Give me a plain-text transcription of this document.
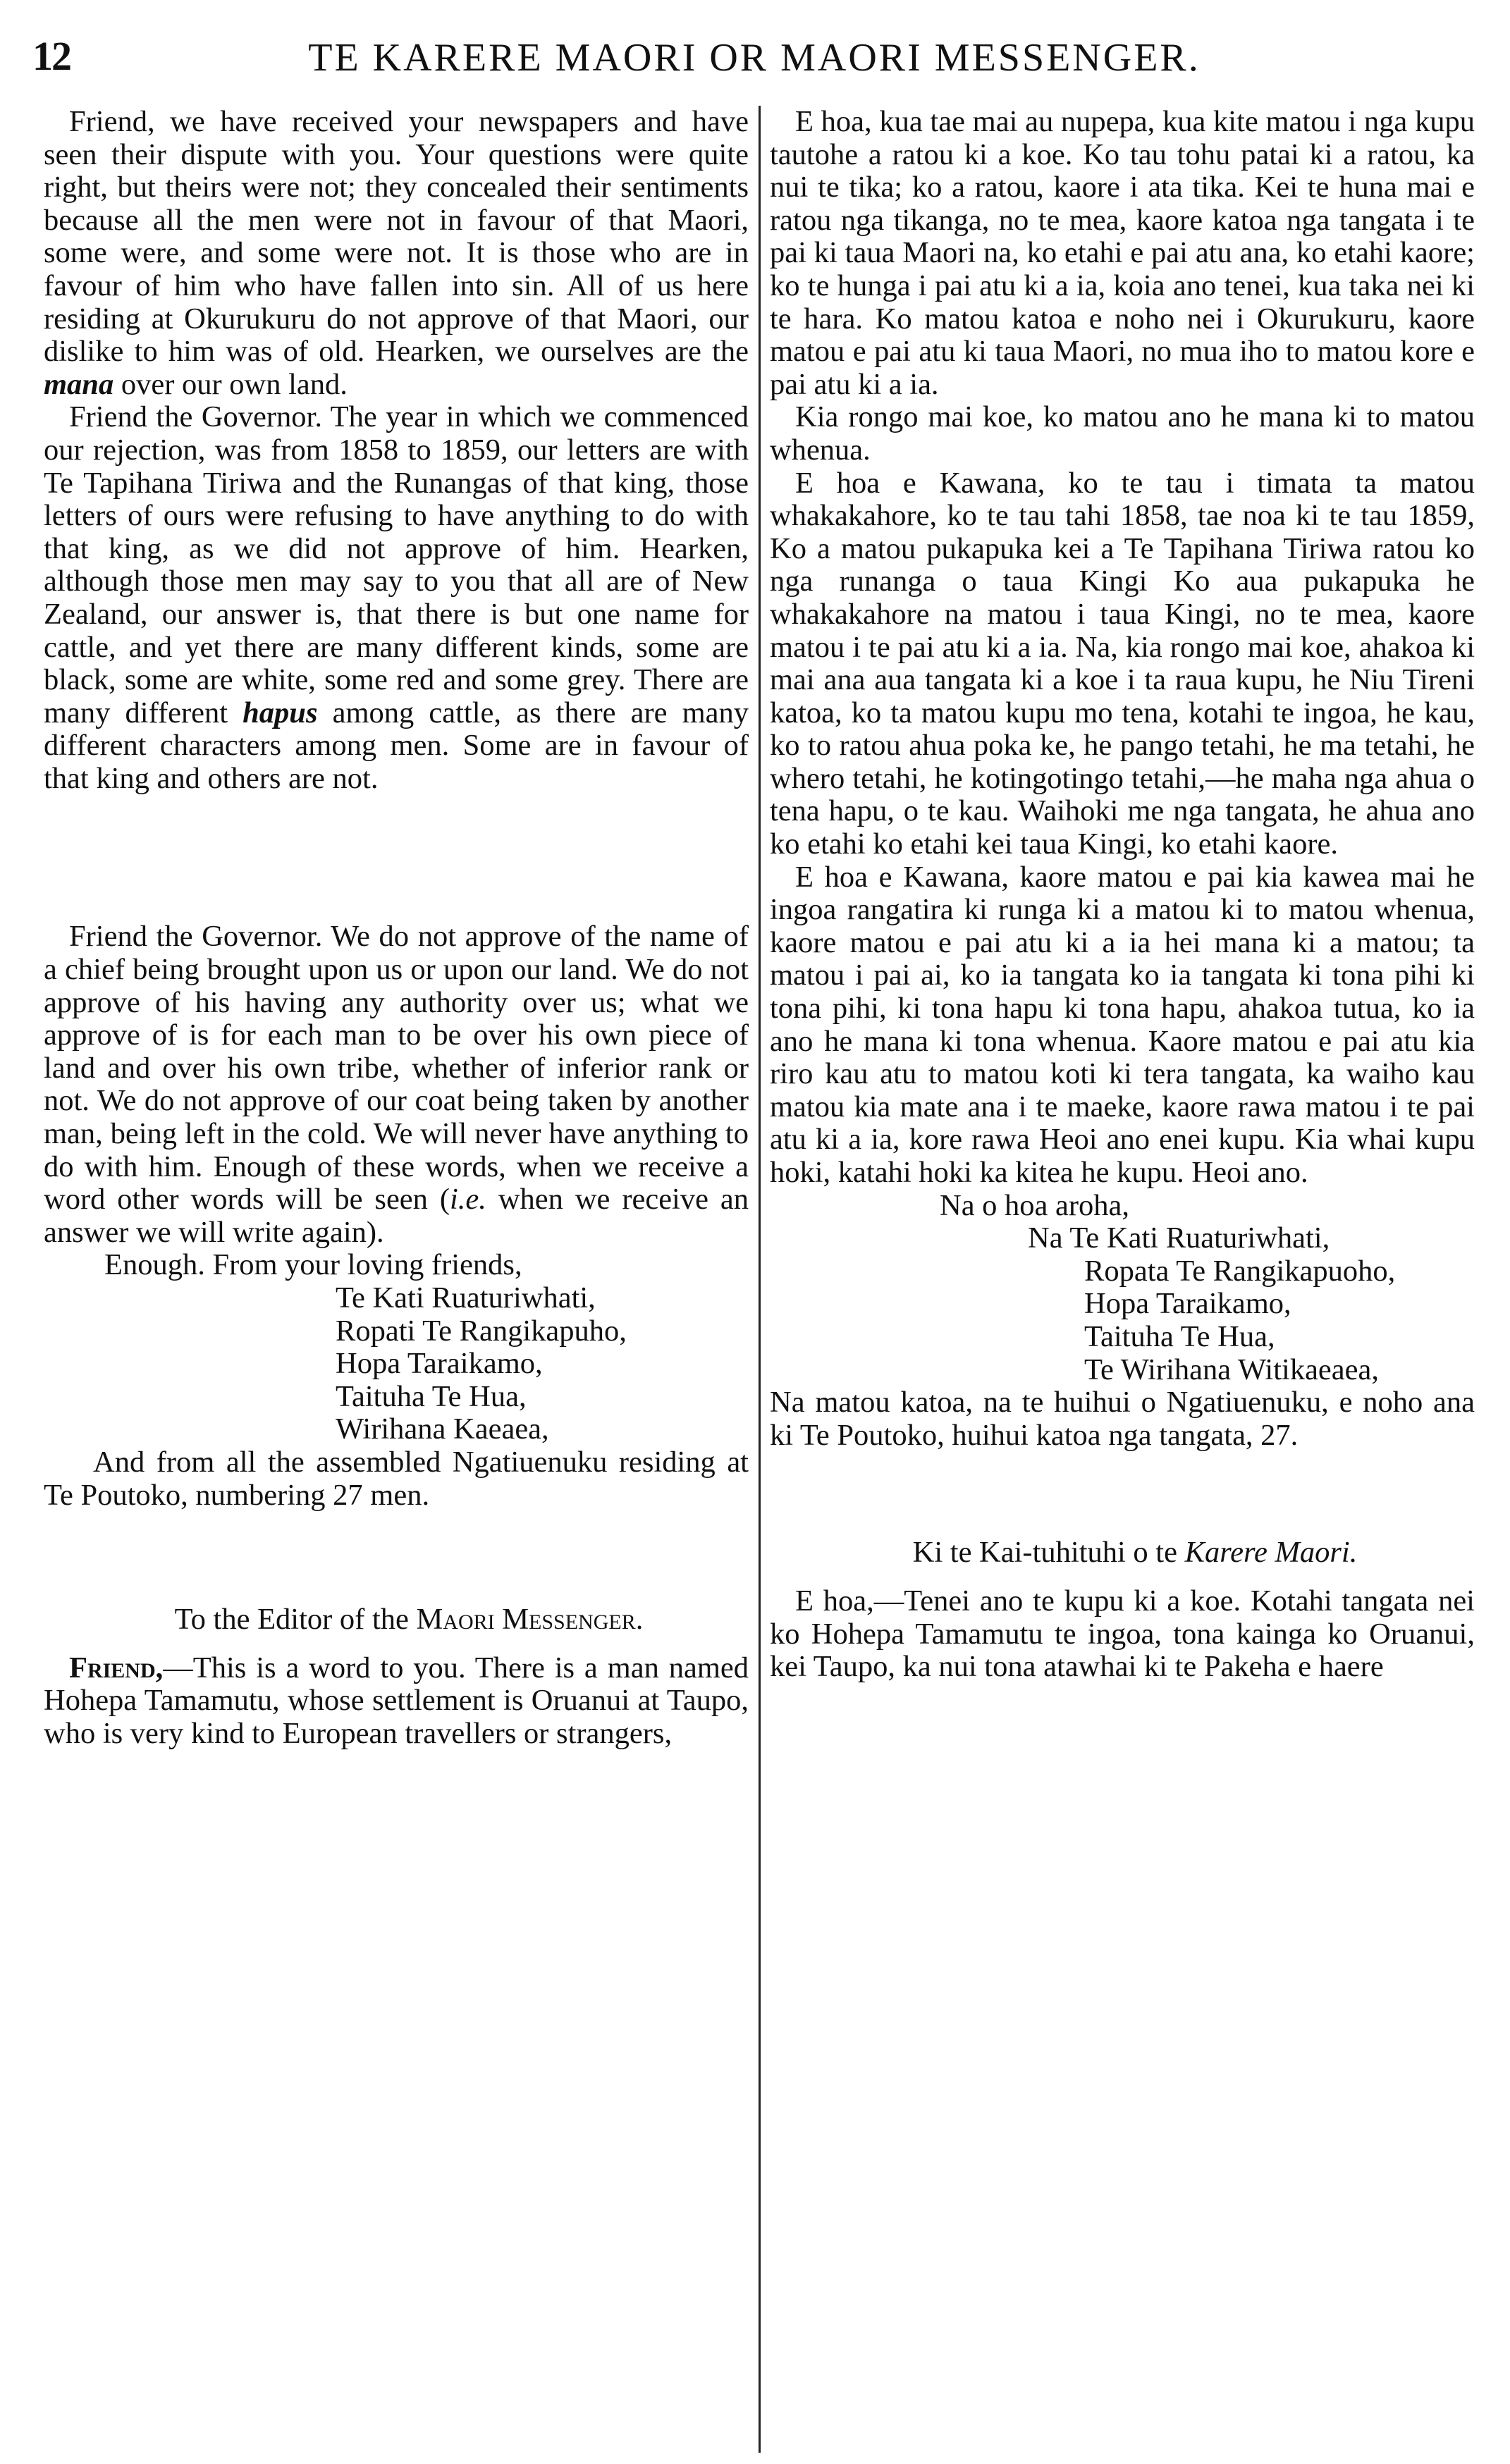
12	TE KARERE MAORI OR MAORI MESSENGER.

Friend, we have received your newspapers and have seen their dispute with you. Your questions were quite right, but theirs were not; they concealed their sentiments because all the men were not in favour of that Maori, some were, and some were not. It is those who are in favour of him who have fallen into sin. All of us here residing at Okurukuru do not approve of that Maori, our dislike to him was of old. Hearken, we ourselves are the mana over our own land.

Friend the Governor. The year in which we commenced our rejection, was from 1858 to 1859, our letters are with Te Tapihana Tiriwa and the Runangas of that king, those letters of ours were refusing to have anything to do with that king, as we did not approve of him. Hearken, although those men may say to you that all are of New Zealand, our answer is, that there is but one name for cattle, and yet there are many different kinds, some are black, some are white, some red and some grey. There are many different hapus among cattle, as there are many different characters among men. Some are in favour of that king and others are not.

Friend the Governor. We do not approve of the name of a chief being brought upon us or upon our land. We do not approve of his having any authority over us; what we approve of is for each man to be over his own piece of land and over his own tribe, whether of inferior rank or not. We do not approve of our coat being taken by another man, being left in the cold. We will never have anything to do with him. Enough of these words, when we receive a word other words will be seen (i.e. when we receive an answer we will write again).

Enough. From your loving friends,

Te Kati Ruaturiwhati,

Ropati Te Rangikapuho,

Hopa Taraikamo,

Taituha Te Hua,

Wirihana Kaeaea,

And from all the assembled Ngatiuenuku residing at Te Poutoko, numbering 27 men.

To the Editor of the Maori Messenger.

Friend,—This is a word to you. There is a man named Hohepa Tamamutu, whose settlement is Oruanui at Taupo, who is very kind to European travellers or strangers,

E hoa, kua tae mai au nupepa, kua kite matou i nga kupu tautohe a ratou ki a koe. Ko tau tohu patai ki a ratou, ka nui te tika; ko a ratou, kaore i ata tika. Kei te huna mai e ratou nga tikanga, no te mea, kaore katoa nga tangata i te pai ki taua Maori na, ko etahi e pai atu ana, ko etahi kaore; ko te hunga i pai atu ki a ia, koia ano tenei, kua taka nei ki te hara. Ko matou katoa e noho nei i Okurukuru, kaore matou e pai atu ki taua Maori, no mua iho to matou kore e pai atu ki a ia.

Kia rongo mai koe, ko matou ano he mana ki to matou whenua.

E hoa e Kawana, ko te tau i timata ta matou whakakahore, ko te tau tahi 1858, tae noa ki te tau 1859, Ko a matou pukapuka kei a Te Tapihana Tiriwa ratou ko nga runanga o taua Kingi Ko aua pukapuka he whakakahore na matou i taua Kingi, no te mea, kaore matou i te pai atu ki a ia. Na, kia rongo mai koe, ahakoa ki mai ana aua tangata ki a koe i ta raua kupu, he Niu Tireni katoa, ko ta matou kupu mo tena, kotahi te ingoa, he kau, ko to ratou ahua poka ke, he pango tetahi, he ma tetahi, he whero tetahi, he kotingotingo tetahi,—he maha nga ahua o tena hapu, o te kau. Waihoki me nga tangata, he ahua ano ko etahi ko etahi kei taua Kingi, ko etahi kaore.

E hoa e Kawana, kaore matou e pai kia kawea mai he ingoa rangatira ki runga ki a matou ki to matou whenua, kaore matou e pai atu ki a ia hei mana ki a matou; ta matou i pai ai, ko ia tangata ko ia tangata ki tona pihi ki tona pihi, ki tona hapu ki tona hapu, ahakoa tutua, ko ia ano he mana ki tona whenua. Kaore matou e pai atu kia riro kau atu to matou koti ki tera tangata, ka waiho kau matou kia mate ana i te maeke, kaore rawa matou i te pai atu ki a ia, kore rawa Heoi ano enei kupu. Kia whai kupu hoki, katahi hoki ka kitea he kupu. Heoi ano.

Na o hoa aroha,

Na Te Kati Ruaturiwhati,

Ropata Te Rangikapuoho,

Hopa Taraikamo,

Taituha Te Hua,

Te Wirihana Witikaeaea,

Na matou katoa, na te huihui o Ngatiuenuku, e noho ana ki Te Poutoko, huihui katoa nga tangata, 27.

Ki te Kai-tuhituhi o te Karere Maori.

E hoa,—Tenei ano te kupu ki a koe. Kotahi tangata nei ko Hohepa Tamamutu te ingoa, tona kainga ko Oruanui, kei Taupo, ka nui tona atawhai ki te Pakeha e haere
